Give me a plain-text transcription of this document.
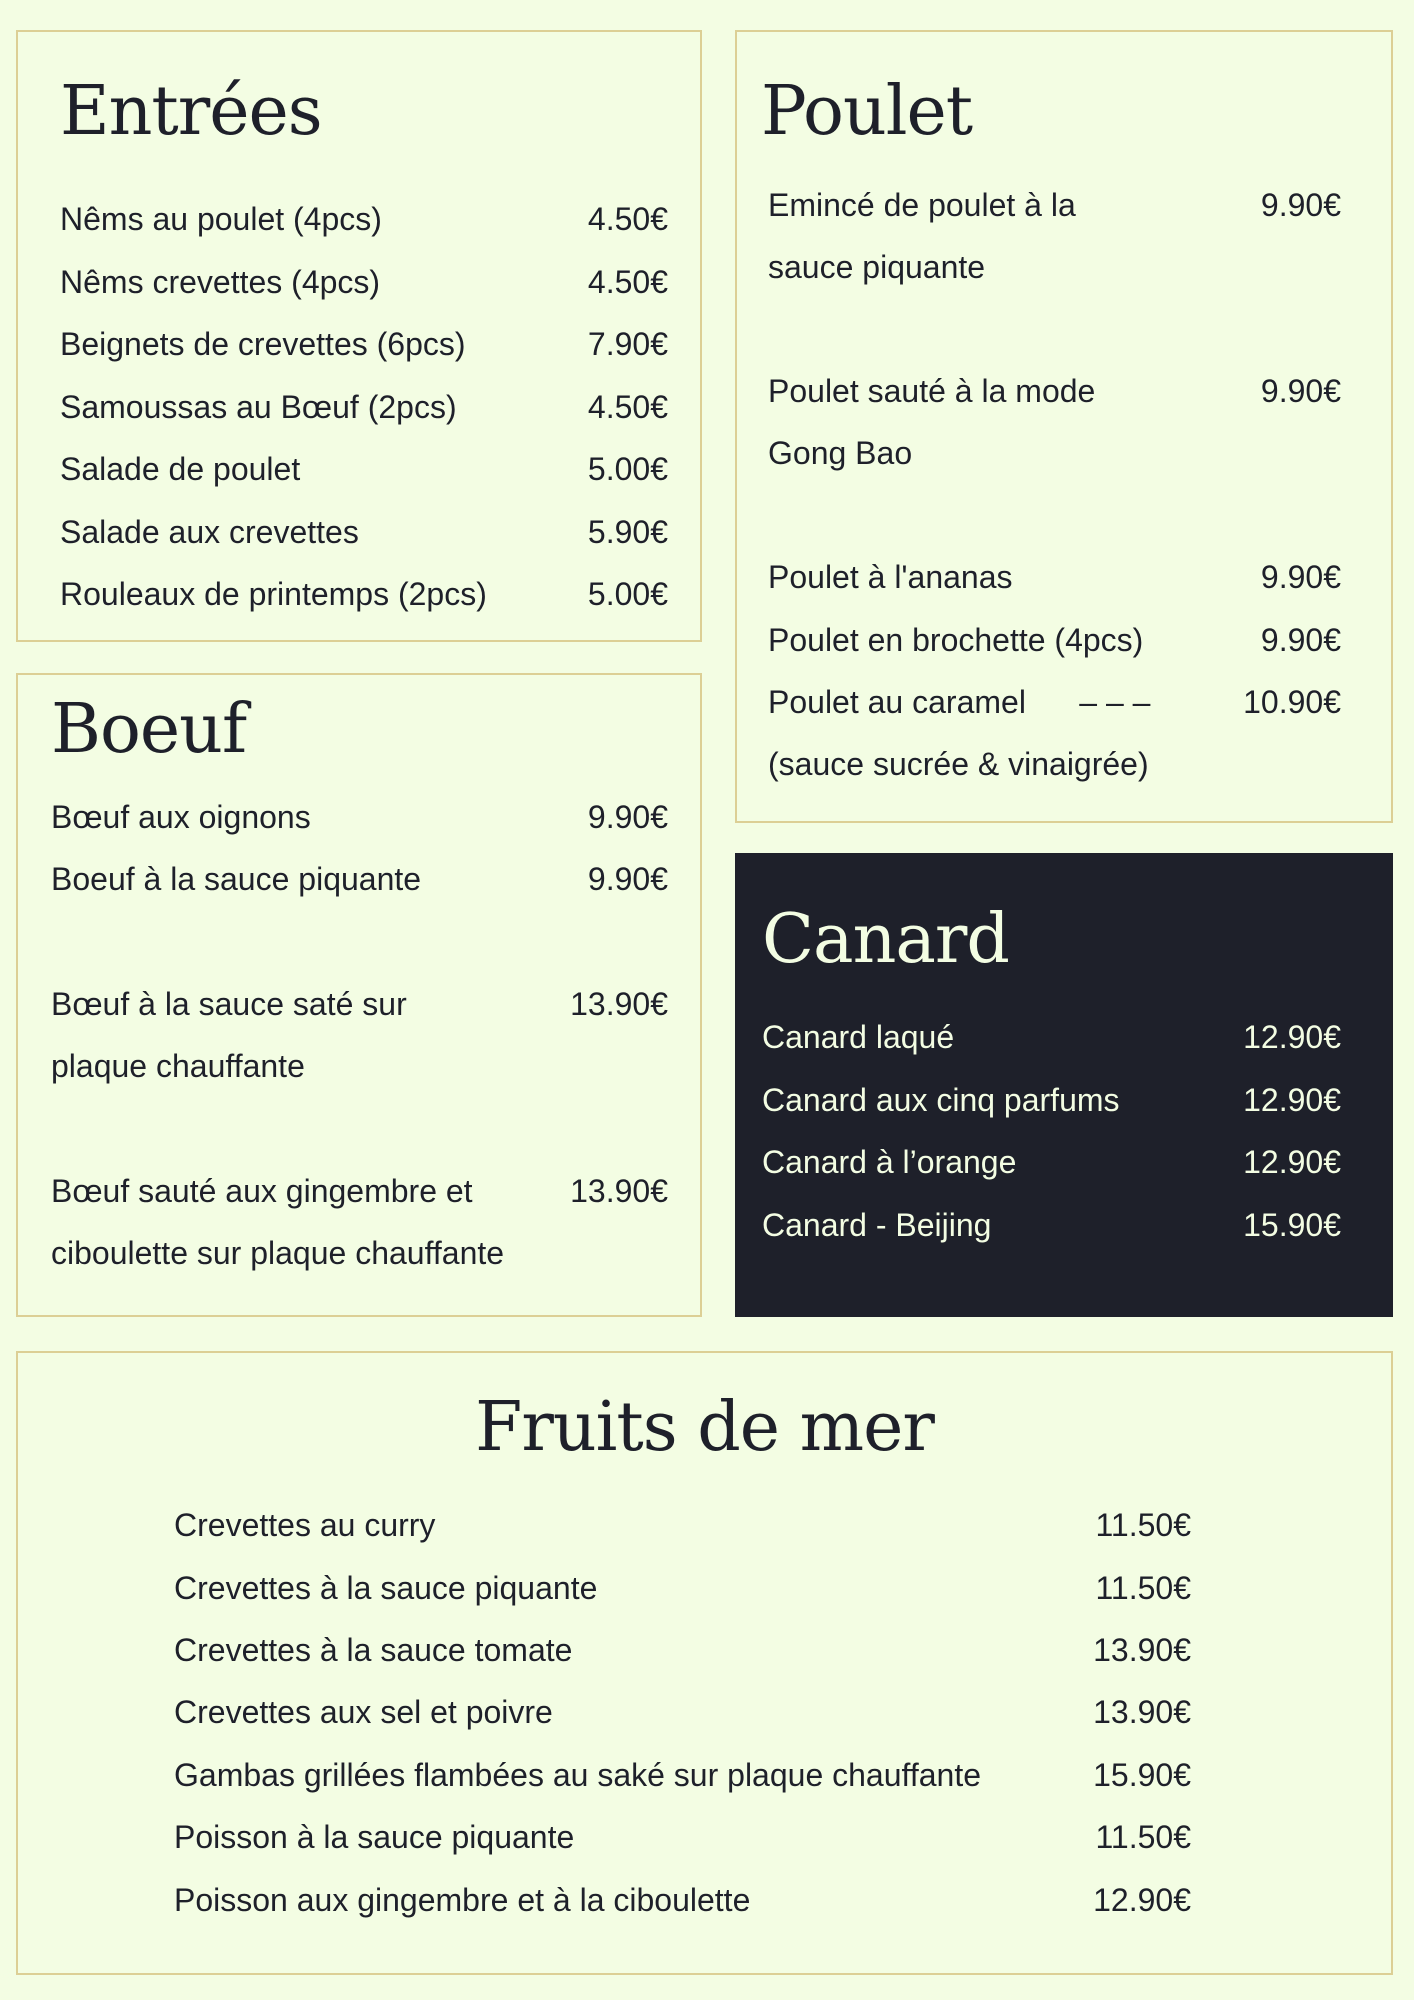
Entrées
Nêms au poulet (4pcs)	4.50€
Nêms crevettes (4pcs)	4.50€
Beignets de crevettes (6pcs)	7.90€
Samoussas au Bœuf (2pcs)	4.50€
Salade de poulet	5.00€
Salade aux crevettes	5.90€
Rouleaux de printemps (2pcs)	5.00€
Poulet
Emincé de poulet à la
sauce piquante
9.90€
Poulet sauté à la mode
Gong Bao
9.90€
Poulet à l'ananas	9.90€
Poulet en brochette (4pcs)	9.90€
Poulet au caramel      – – –
(sauce sucrée & vinaigrée)
10.90€
Boeuf
Bœuf aux oignons	9.90€
Boeuf à la sauce piquante	9.90€
Bœuf à la sauce saté sur
plaque chauffante
13.90€
Bœuf sauté aux gingembre et
ciboulette sur plaque chauffante
13.90€
Canard
Canard laqué	12.90€
Canard aux cinq parfums	12.90€
Canard à l’orange	12.90€
Canard - Beijing	15.90€
Fruits de mer
Crevettes au curry	11.50€
Crevettes à la sauce piquante	11.50€
Crevettes à la sauce tomate	13.90€
Crevettes aux sel et poivre	13.90€
Gambas grillées flambées au saké sur plaque chauffante	15.90€
Poisson à la sauce piquante	11.50€
Poisson aux gingembre et à la ciboulette	12.90€
